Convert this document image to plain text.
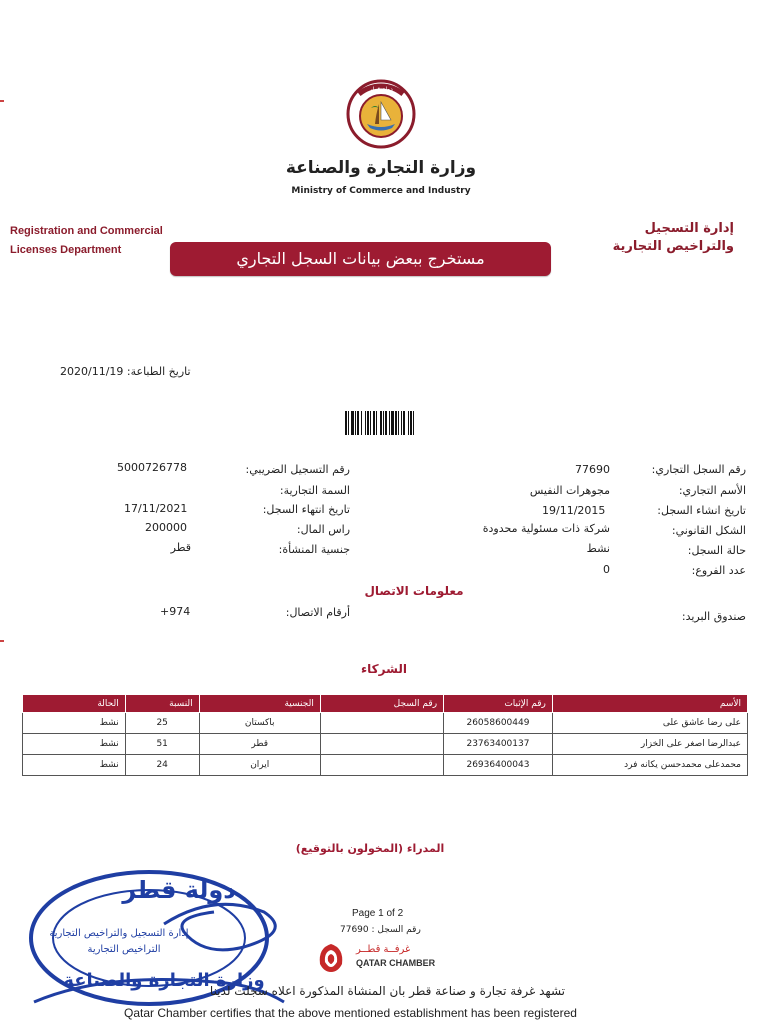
دولة قطر
وزارة التجارة والصناعة
Ministry of Commerce and Industry
Registration and Commercial
Licenses Department
إدارة التسجيل
والتراخيص التجارية
مستخرج ببعض بيانات السجل التجاري
تاريخ الطباعة: 2020/11/19
رقم السجل التجاري:
77690
الأسم التجاري:
مجوهرات النفيس
تاريخ انشاء السجل:
19/11/2015
الشكل القانوني:
شركة ذات مسئولية محدودة
حالة السجل:
نشط
عدد الفروع:
0
رقم التسجيل الضريبي:
5000726778
السمة التجارية:
تاريخ انتهاء السجل:
17/11/2021
راس المال:
200000
جنسية المنشأة:
قطر
معلومات الاتصال
أرقام الاتصال:
+974	صندوق البريد:
الشركاء
الأسم	رقم الإثبات	رقم السجل	الجنسية	النسبة	الحالة
على رضا عاشق على	26058600449		باكستان	25	نشط
عبدالرضا اصغر على الخزار	23763400137		قطر	51	نشط
محمدعلى محمدحسن يكانه فرد	26936400043		ايران	24	نشط
المدراء (المخولون بالتوقيع)
دولة قطر
إدارة التسجيل والتراخيص التجارية
التراخيص التجارية
وزارة التجارة والصناعة
Page 1 of 2
رقم السجل : 77690
غرفــة قطــر
QATAR CHAMBER
تشهد غرفة تجارة و صناعة قطر بان المنشاة المذكورة اعلاه سجلت لدينا
Qatar Chamber certifies that the above mentioned establishment has been registered
